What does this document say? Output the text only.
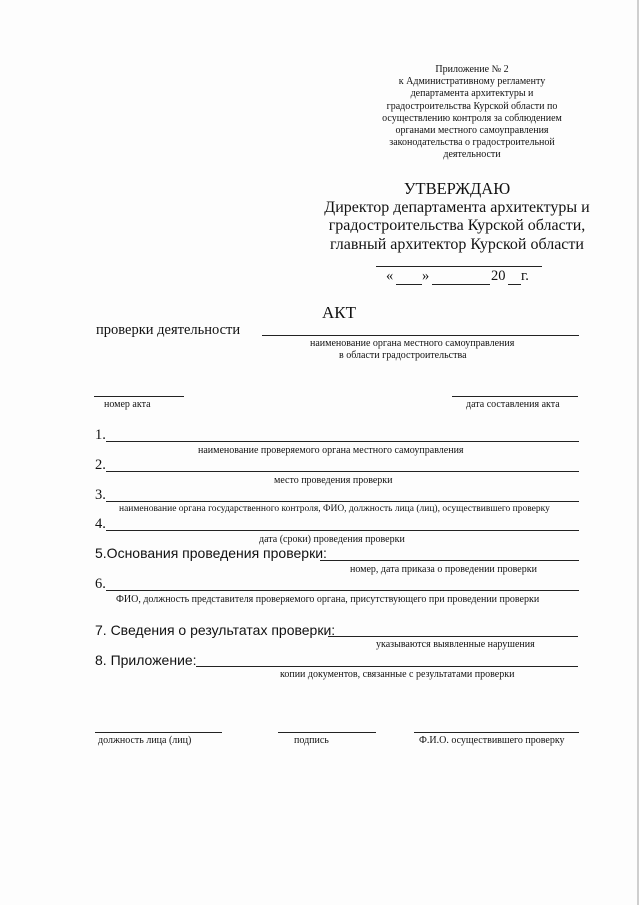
Приложение № 2
к Административному регламенту
департамента архитектуры и
градостроительства Курской области по
осуществлению контроля за соблюдением
органами местного самоуправления
законодательства о градостроительной
деятельности
УТВЕРЖДАЮ
Директор департамента архитектуры и
градостроительства Курской области,
главный архитектор Курской области
« »	20 г.
АКТ
проверки деятельности
наименование органа местного самоуправления
в области градостроительства
номер акта	дата составления акта
1.
наименование проверяемого органа местного самоуправления
2.
место проведения проверки
3.
наименование органа государственного контроля, ФИО, должность лица (лиц), осуществившего проверку
4.
дата (сроки) проведения проверки
5.Основания проведения проверки:
номер, дата приказа о проведении проверки
6.
ФИО, должность представителя проверяемого органа, присутствующего при проведении проверки
7. Сведения о результатах проверки:
указываются выявленные нарушения
8. Приложение:
копии документов, связанные с результатами проверки
должность лица (лиц)	подпись	Ф.И.О. осуществившего проверку
